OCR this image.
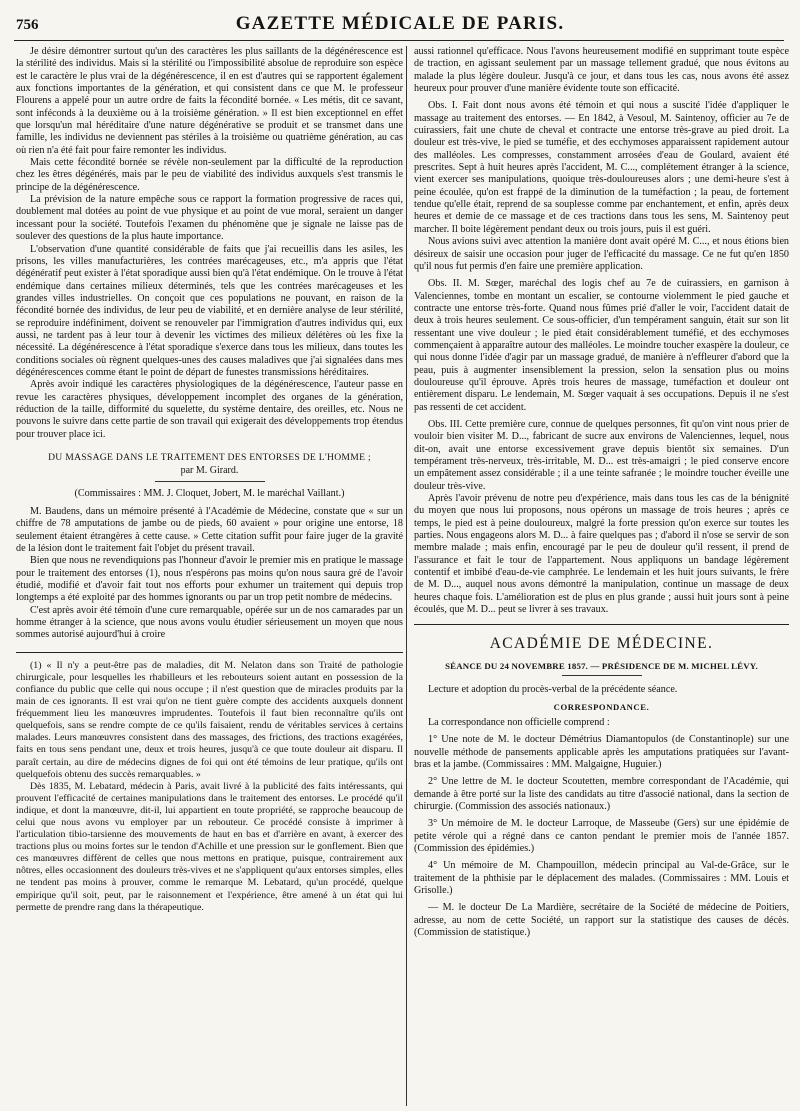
756	GAZETTE MÉDICALE DE PARIS.

Je désire démontrer surtout qu'un des caractères les plus saillants de la dégénérescence est la stérilité des individus. Mais si la stérilité ou l'impossibilité absolue de reproduire son espèce est le caractère le plus vrai de la dégénérescence, il en est d'autres qui se rapportent également aux fonctions importantes de la génération, et qui consistent dans ce que M. le professeur Flourens a appelé pour un autre ordre de faits la fécondité bornée. « Les métis, dit ce savant, sont inféconds à la deuxième ou à la troisième génération. » Il est bien exceptionnel en effet que lorsqu'un mal héréditaire d'une nature dégénérative se produit et se transmet dans une famille, les individus ne deviennent pas stériles à la troisième ou quatrième génération, au cas où rien n'a été fait pour faire remonter les individus.

Mais cette fécondité bornée se révèle non-seulement par la difficulté de la reproduction chez les êtres dégénérés, mais par le peu de viabilité des individus auxquels s'est transmis le principe de la dégénérescence.

La prévision de la nature empêche sous ce rapport la formation progressive de races qui, doublement mal dotées au point de vue physique et au point de vue moral, seraient un danger incessant pour la société. Toutefois l'examen du phénomène que je signale ne laisse pas de soulever des questions de la plus haute importance.

L'observation d'une quantité considérable de faits que j'ai recueillis dans les asiles, les prisons, les villes manufacturières, les contrées marécageuses, etc., m'a appris que l'état dégénératif peut exister à l'état sporadique aussi bien qu'à l'état endémique. On le trouve à l'état endémique dans certaines milieux déterminés, tels que les contrées marécageuses et les grandes villes industrielles. On conçoit que ces populations ne pouvant, en raison de la fécondité bornée des individus, de leur peu de viabilité, et en dernière analyse de leur stérilité, se reproduire indéfiniment, doivent se renouveler par l'immigration d'autres individus qui, eux aussi, ne tardent pas à leur tour à devenir les victimes des milieux délétères où les fixe la nécessité. La dégénérescence à l'état sporadique s'exerce dans tous les milieux, dans toutes les conditions sociales où règnent quelques-unes des causes maladives que j'ai signalées dans mes dégénérescences comme étant le point de départ de funestes transmissions héréditaires.

Après avoir indiqué les caractères physiologiques de la dégénérescence, l'auteur passe en revue les caractères physiques, développement incomplet des organes de la génération, réduction de la taille, difformité du squelette, du système dentaire, des oreilles, etc. Nous ne pouvons le suivre dans cette partie de son travail qui exigerait des développements trop étendus pour trouver place ici.

DU MASSAGE DANS LE TRAITEMENT DES ENTORSES DE L'HOMME ;
par M. Girard.
(Commissaires : MM. J. Cloquet, Jobert, M. le maréchal Vaillant.)

M. Baudens, dans un mémoire présenté à l'Académie de Médecine, constate que « sur un chiffre de 78 amputations de jambe ou de pieds, 60 avaient » pour origine une entorse, 18 seulement étaient étrangères à cette cause. » Cette citation suffit pour faire juger de la gravité de la lésion dont le traitement fait l'objet du présent travail.

Bien que nous ne revendiquions pas l'honneur d'avoir le premier mis en pratique le massage pour le traitement des entorses (1), nous n'espérons pas moins qu'on nous saura gré de l'avoir étudié, modifié et d'avoir fait tout nos efforts pour exhumer un traitement qui depuis trop longtemps a été exploité par des hommes ignorants ou par un trop petit nombre de médecins.

C'est après avoir été témoin d'une cure remarquable, opérée sur un de nos camarades par un homme étranger à la science, que nous avons voulu étudier sérieusement un moyen que nous sommes autorisé aujourd'hui à croire

(1) « Il n'y a peut-être pas de maladies, dit M. Nelaton dans son Traité de pathologie chirurgicale, pour lesquelles les rhabilleurs et les rebouteurs soient autant en possession de la confiance du public que celle qui nous occupe ; il n'est question que de miracles produits par la main de ces ignorants. Il est vrai qu'on ne tient guère compte des accidents auxquels donnent fréquemment lieu les manœuvres imprudentes. Toutefois il faut bien reconnaître qu'ils ont quelquefois, sans se rendre compte de ce qu'ils faisaient, rendu de véritables services à certains malades. Leurs manœuvres consistent dans des massages, des frictions, des tractions exagérées, faits en tous sens pendant une, deux et trois heures, jusqu'à ce que toute douleur ait disparu. Il paraît certain, au dire de médecins dignes de foi qui ont été témoins de leur pratique, qu'ils ont quelquefois obtenu des succès remarquables. »

Dès 1835, M. Lebatard, médecin à Paris, avait livré à la publicité des faits intéressants, qui prouvent l'efficacité de certaines manipulations dans le traitement des entorses. Le procédé qu'il indique, et dont la manœuvre, dit-il, lui appartient en toute propriété, se rapproche beaucoup de celui que nous avons vu employer par un rebouteur. Ce procédé consiste à imprimer à l'articulation tibio-tarsienne des mouvements de haut en bas et d'arrière en avant, à exercer des tractions plus ou moins fortes sur le tendon d'Achille et une pression sur le gonflement. Bien que ces manœuvres diffèrent de celles que nous mettons en pratique, puisque, contrairement aux nôtres, elles occasionnent des douleurs très-vives et ne s'appliquent qu'aux entorses simples, elles ne tendent pas moins à prouver, comme le remarque M. Lebatard, qu'un procédé, quelque empirique qu'il soit, peut, par le raisonnement et l'expérience, être amené à un état qui lui permette de prendre rang dans la thérapeutique.

aussi rationnel qu'efficace. Nous l'avons heureusement modifié en supprimant toute espèce de traction, en agissant seulement par un massage tellement gradué, que nous évitons au malade la plus légère douleur. Jusqu'à ce jour, et dans tous les cas, nous avons été assez heureux pour prouver d'une manière évidente toute son efficacité.

Obs. I. Fait dont nous avons été témoin et qui nous a suscité l'idée d'appliquer le massage au traitement des entorses. — En 1842, à Vesoul, M. Saintenoy, officier au 7e de cuirassiers, fait une chute de cheval et contracte une entorse très-grave au pied droit. La douleur est très-vive, le pied se tuméfie, et des ecchymoses apparaissent rapidement autour des malléoles. Les compresses, constamment arrosées d'eau de Goulard, avaient été prescrites. Sept à huit heures après l'accident, M. C..., complétement étranger à la science, vient exercer ses manipulations, quoique très-douloureuses alors ; une demi-heure s'est à peine écoulée, qu'on est frappé de la diminution de la tuméfaction ; la peau, de fortement tendue qu'elle était, reprend de sa souplesse comme par enchantement, et enfin, après deux heures et demie de ce massage et de ces tractions dans tous les sens, M. Saintenoy peut marcher. Il boite légèrement pendant deux ou trois jours, puis il est guéri.

Nous avions suivi avec attention la manière dont avait opéré M. C..., et nous étions bien désireux de saisir une occasion pour juger de l'efficacité du massage. Ce ne fut qu'en 1850 qu'il nous fut permis d'en faire une première application.

Obs. II. M. Sœger, maréchal des logis chef au 7e de cuirassiers, en garnison à Valenciennes, tombe en montant un escalier, se contourne violemment le pied gauche et contracte une entorse très-forte. Quand nous fûmes prié d'aller le voir, l'accident datait de deux à trois heures seulement. Ce sous-officier, d'un tempérament sanguin, était sur son lit ressentant une vive douleur ; le pied était considérablement tuméfié, et des ecchymoses commençaient à apparaître autour des malléoles. Le moindre toucher exaspère la douleur, ce qui nous donne l'idée d'agir par un massage gradué, de manière à n'effleurer d'abord que la peau, puis à augmenter insensiblement la pression, selon la sensation plus ou moins douloureuse qu'il éprouve. Après trois heures de massage, tuméfaction et douleur ont entièrement disparu. Le lendemain, M. Sœger vaquait à ses occupations. Depuis il ne s'est pas ressenti de cet accident.

Obs. III. Cette première cure, connue de quelques personnes, fit qu'on vint nous prier de vouloir bien visiter M. D..., fabricant de sucre aux environs de Valenciennes, lequel, nous dit-on, avait une entorse excessivement grave depuis bientôt six semaines. D'un tempérament très-nerveux, très-irritable, M. D... est très-amaigri ; le pied conserve encore un empâtement assez considérable ; il a une teinte safranée ; le moindre toucher éveille une douleur très-vive.

Après l'avoir prévenu de notre peu d'expérience, mais dans tous les cas de la bénignité du moyen que nous lui proposons, nous opérons un massage de trois heures ; après ce temps, le pied est à peine douloureux, malgré la forte pression qu'on exerce sur toutes les parties. Nous engageons alors M. D... à faire quelques pas ; d'abord il n'ose se servir de son membre malade ; mais enfin, encouragé par le peu de douleur qu'il ressent, il prend de l'assurance et fait le tour de l'appartement. Nous appliquons un bandage légèrement contentif et imbibé d'eau-de-vie camphrée. Le lendemain et les huit jours suivants, le frère de M. D..., auquel nous avons démontré la manipulation, continue un massage de deux heures chaque fois. L'amélioration est de plus en plus grande ; aussi huit jours sont à peine écoulés, que M. D... peut se livrer à ses travaux.

ACADÉMIE DE MÉDECINE.
SÉANCE DU 24 NOVEMBRE 1857. — PRÉSIDENCE DE M. MICHEL LÉVY.

Lecture et adoption du procès-verbal de la précédente séance.

CORRESPONDANCE.

La correspondance non officielle comprend :

1° Une note de M. le docteur Démétrius Diamantopulos (de Constantinople) sur une nouvelle méthode de pansements applicable après les amputations pratiquées sur l'avant-bras et la jambe. (Commissaires : MM. Malgaigne, Huguier.)

2° Une lettre de M. le docteur Scoutetten, membre correspondant de l'Académie, qui demande à être porté sur la liste des candidats au titre d'associé national, dans la section de chirurgie. (Commission des associés nationaux.)

3° Un mémoire de M. le docteur Larroque, de Masseube (Gers) sur une épidémie de petite vérole qui a régné dans ce canton pendant le premier mois de l'année 1857. (Commission des épidémies.)

4° Un mémoire de M. Champouillon, médecin principal au Val-de-Grâce, sur le traitement de la phthisie par le déplacement des malades. (Commissaires : MM. Louis et Grisolle.)

— M. le docteur De La Mardière, secrétaire de la Société de médecine de Poitiers, adresse, au nom de cette Société, un rapport sur la statistique des causes de décès. (Commission de statistique.)
